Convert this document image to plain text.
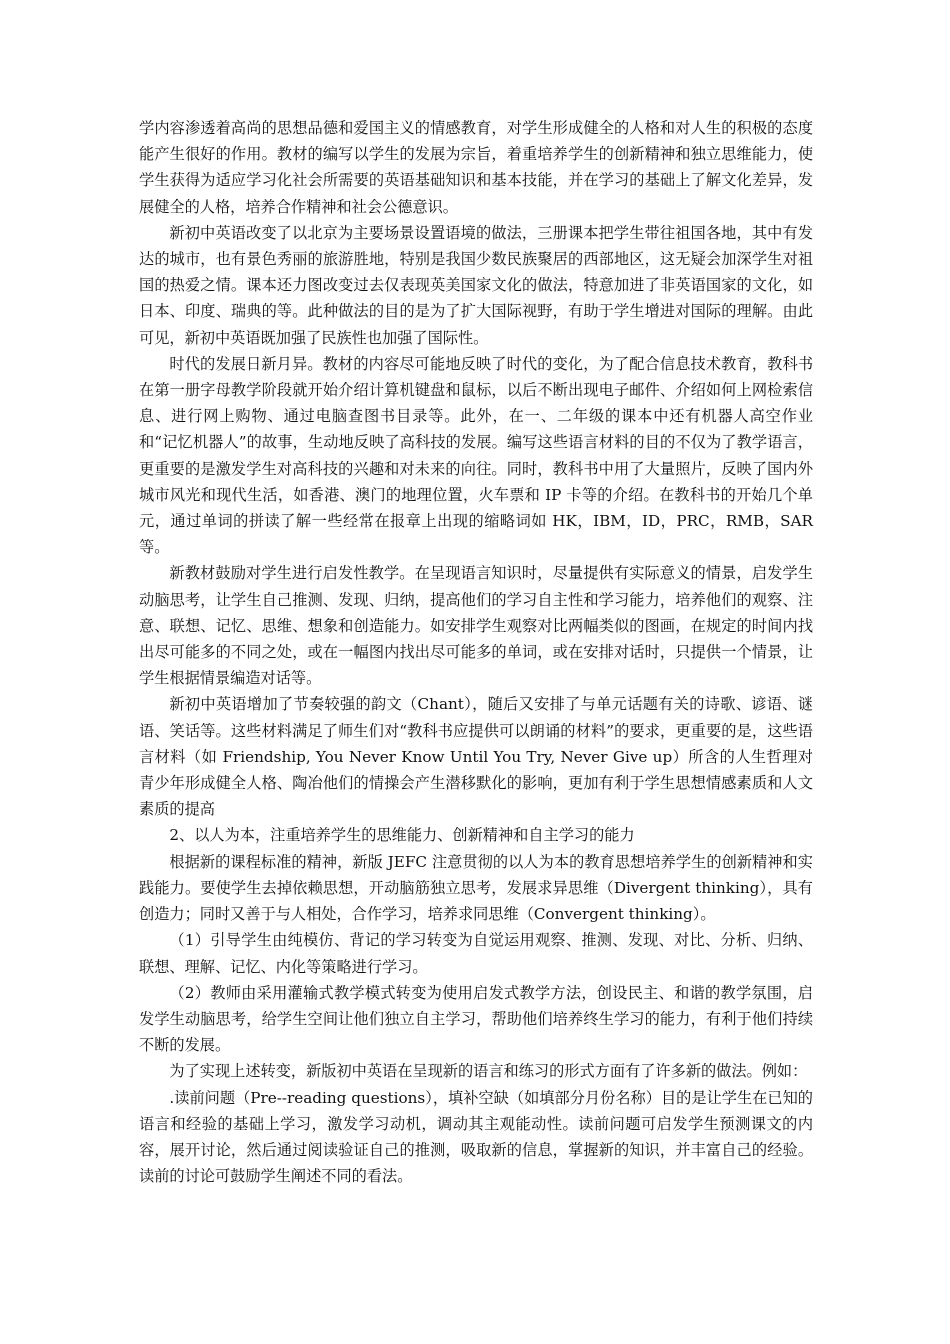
学内容渗透着高尚的思想品德和爱国主义的情感教育，对学生形成健全的人格和对人生的积极的态度能产生很好的作用。教材的编写以学生的发展为宗旨，着重培养学生的创新精神和独立思维能力，使学生获得为适应学习化社会所需要的英语基础知识和基本技能，并在学习的基础上了解文化差异，发展健全的人格，培养合作精神和社会公德意识。

新初中英语改变了以北京为主要场景设置语境的做法，三册课本把学生带往祖国各地，其中有发达的城市，也有景色秀丽的旅游胜地，特别是我国少数民族聚居的西部地区，这无疑会加深学生对祖国的热爱之情。课本还力图改变过去仅表现英美国家文化的做法，特意加进了非英语国家的文化，如日本、印度、瑞典的等。此种做法的目的是为了扩大国际视野，有助于学生增进对国际的理解。由此可见，新初中英语既加强了民族性也加强了国际性。

时代的发展日新月异。教材的内容尽可能地反映了时代的变化，为了配合信息技术教育，教科书在第一册字母教学阶段就开始介绍计算机键盘和鼠标，以后不断出现电子邮件、介绍如何上网检索信息、进行网上购物、通过电脑查图书目录等。此外，在一、二年级的课本中还有机器人高空作业和“记忆机器人”的故事，生动地反映了高科技的发展。编写这些语言材料的目的不仅为了教学语言，更重要的是激发学生对高科技的兴趣和对未来的向往。同时，教科书中用了大量照片，反映了国内外城市风光和现代生活，如香港、澳门的地理位置，火车票和 IP 卡等的介绍。在教科书的开始几个单元，通过单词的拼读了解一些经常在报章上出现的缩略词如 HK，IBM，ID，PRC，RMB，SAR 等。

新教材鼓励对学生进行启发性教学。在呈现语言知识时，尽量提供有实际意义的情景，启发学生动脑思考，让学生自己推测、发现、归纳，提高他们的学习自主性和学习能力，培养他们的观察、注意、联想、记忆、思维、想象和创造能力。如安排学生观察对比两幅类似的图画，在规定的时间内找出尽可能多的不同之处，或在一幅图内找出尽可能多的单词，或在安排对话时，只提供一个情景，让学生根据情景编造对话等。

新初中英语增加了节奏较强的韵文（Chant），随后又安排了与单元话题有关的诗歌、谚语、谜语、笑话等。这些材料满足了师生们对“教科书应提供可以朗诵的材料”的要求，更重要的是，这些语言材料（如 Friendship, You Never Know Until You Try, Never Give up）所含的人生哲理对青少年形成健全人格、陶冶他们的情操会产生潜移默化的影响，更加有利于学生思想情感素质和人文素质的提高

2、以人为本，注重培养学生的思维能力、创新精神和自主学习的能力

根据新的课程标准的精神，新版 JEFC 注意贯彻的以人为本的教育思想培养学生的创新精神和实践能力。要使学生去掉依赖思想，开动脑筋独立思考，发展求异思维（Divergent thinking），具有创造力；同时又善于与人相处，合作学习，培养求同思维（Convergent thinking）。

（1）引导学生由纯模仿、背记的学习转变为自觉运用观察、推测、发现、对比、分析、归纳、联想、理解、记忆、内化等策略进行学习。

（2）教师由采用灌输式教学模式转变为使用启发式教学方法，创设民主、和谐的教学氛围，启发学生动脑思考，给学生空间让他们独立自主学习，帮助他们培养终生学习的能力，有利于他们持续不断的发展。

为了实现上述转变，新版初中英语在呈现新的语言和练习的形式方面有了许多新的做法。例如：

.读前问题（Pre--reading questions），填补空缺（如填部分月份名称）目的是让学生在已知的语言和经验的基础上学习，激发学习动机，调动其主观能动性。读前问题可启发学生预测课文的内容，展开讨论，然后通过阅读验证自己的推测，吸取新的信息，掌握新的知识，并丰富自己的经验。读前的讨论可鼓励学生阐述不同的看法。
